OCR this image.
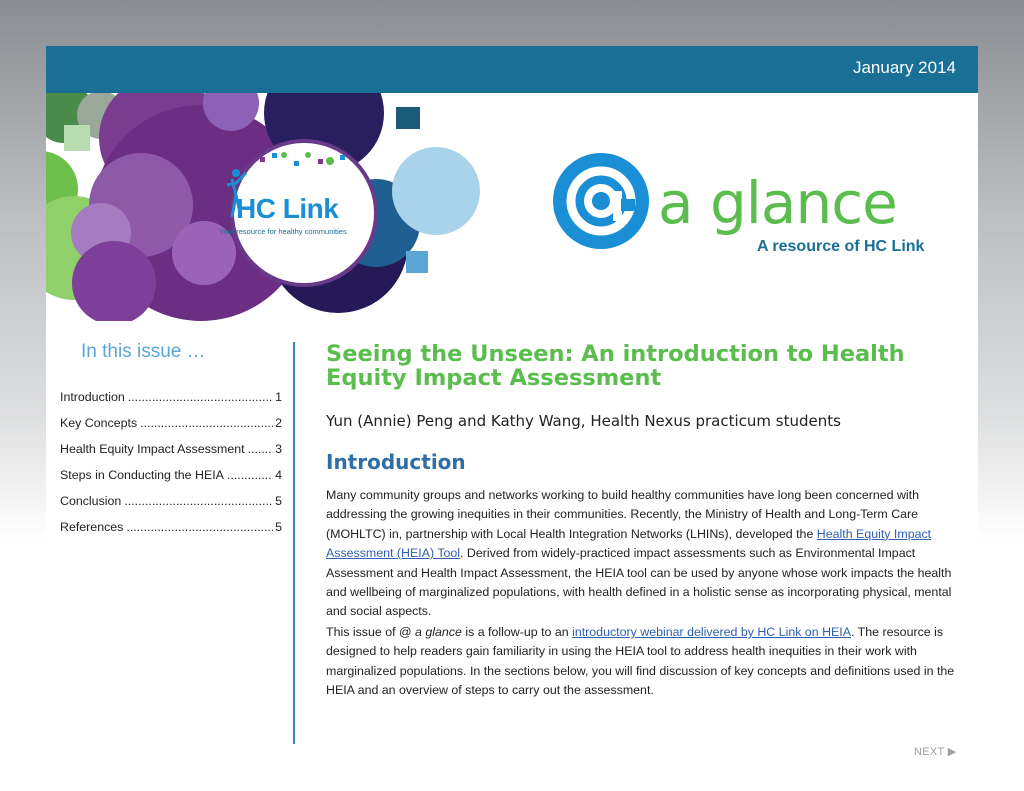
January 2014
HC Link
Your resource for healthy communities	a glance
A resource of HC Link
In this issue …
Introduction .....	1
Key Concepts .....	2
Health Equity Impact Assessment ..... 3
Steps in Conducting the HEIA .....	4
Conclusion .....	5
References .....	5
Seeing the Unseen: An introduction to Health Equity Impact Assessment
Yun (Annie) Peng and Kathy Wang, Health Nexus practicum students
Introduction

Many community groups and networks working to build healthy communities have long been concerned with addressing the growing inequities in their communities. Recently, the Ministry of Health and Long-Term Care (MOHLTC) in, partnership with Local Health Integration Networks (LHINs), developed the Health Equity Impact Assessment (HEIA) Tool. Derived from widely-practiced impact assessments such as Environmental Impact Assessment and Health Impact Assessment, the HEIA tool can be used by anyone whose work impacts the health and wellbeing of marginalized populations, with health defined in a holistic sense as incorporating physical, mental and social aspects.

This issue of @ a glance is a follow-up to an introductory webinar delivered by HC Link on HEIA. The resource is designed to help readers gain familiarity in using the HEIA tool to address health inequities in their work with marginalized populations. In the sections below, you will find discussion of key concepts and definitions used in the HEIA and an overview of steps to carry out the assessment.

NEXT ▶
